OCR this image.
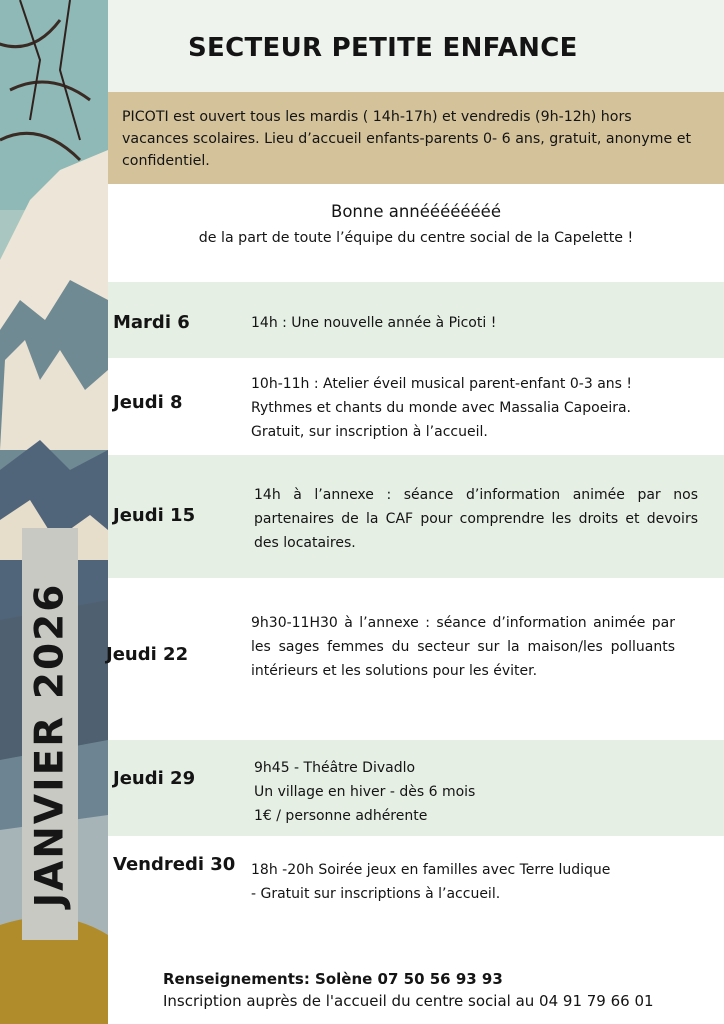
JANVIER 2026
SECTEUR PETITE ENFANCE
PICOTI est ouvert tous les mardis ( 14h-17h) et vendredis (9h-12h) hors vacances scolaires. Lieu d’accueil enfants-parents 0- 6 ans, gratuit, anonyme et confidentiel.
Bonne annéééééééé
de la part de toute l’équipe du centre social de la Capelette !
Mardi 6	14h : Une nouvelle année à Picoti !
Jeudi 8
10h-11h : Atelier éveil musical parent-enfant 0-3 ans !
Rythmes et chants du monde avec Massalia Capoeira.
Gratuit, sur inscription à l’accueil.
Jeudi 15
14h à l’annexe : séance d’information animée par nos partenaires de la CAF pour comprendre les droits et devoirs des locataires.
Jeudi 22
9h30-11H30 à l’annexe : séance d’information animée par les sages femmes du secteur sur la maison/les polluants intérieurs et les solutions pour les éviter.
Jeudi 29	9h45 - Théâtre Divadlo
Un village en hiver - dès 6 mois
1€ / personne adhérente
Vendredi 30 18h -20h Soirée jeux en familles avec Terre ludique
- Gratuit sur inscriptions à l’accueil.
Renseignements: Solène 07 50 56 93 93
Inscription auprès de l'accueil du centre social au 04 91 79 66 01
